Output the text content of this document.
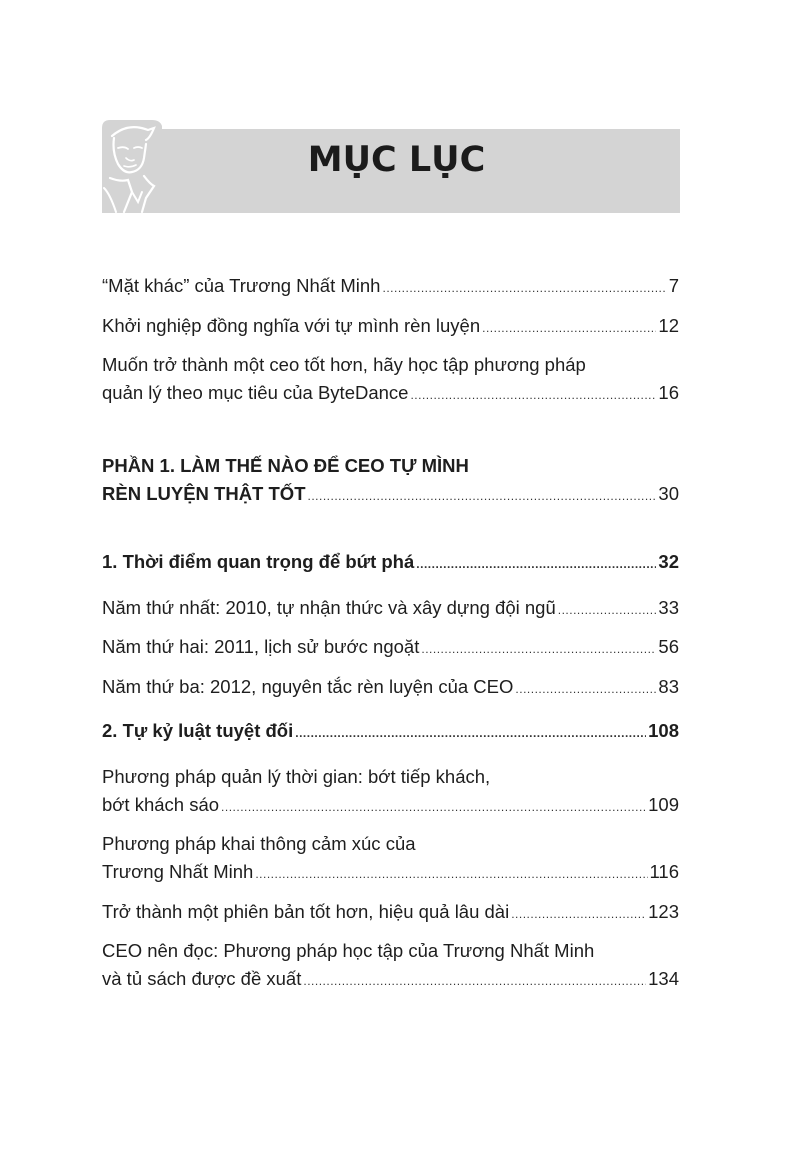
MỤC LỤC
“Mặt khác” của Trương Nhất Minh .....	7
Khởi nghiệp đồng nghĩa với tự mình rèn luyện .....	12
Muốn trở thành một ceo tốt hơn, hãy học tập phương pháp
quản lý theo mục tiêu của ByteDance .....	16
PHẦN 1. LÀM THẾ NÀO ĐỂ CEO TỰ MÌNH
RÈN LUYỆN THẬT TỐT .....	30
1. Thời điểm quan trọng để bứt phá .....	32
Năm thứ nhất: 2010, tự nhận thức và xây dựng đội ngũ .....	33
Năm thứ hai: 2011, lịch sử bước ngoặt .....	56
Năm thứ ba: 2012, nguyên tắc rèn luyện của CEO .....	83
2. Tự kỷ luật tuyệt đối .....	108
Phương pháp quản lý thời gian: bớt tiếp khách,
bớt khách sáo .....	109
Phương pháp khai thông cảm xúc của
Trương Nhất Minh .....	116
Trở thành một phiên bản tốt hơn, hiệu quả lâu dài .....	123
CEO nên đọc: Phương pháp học tập của Trương Nhất Minh
và tủ sách được đề xuất .....	134
